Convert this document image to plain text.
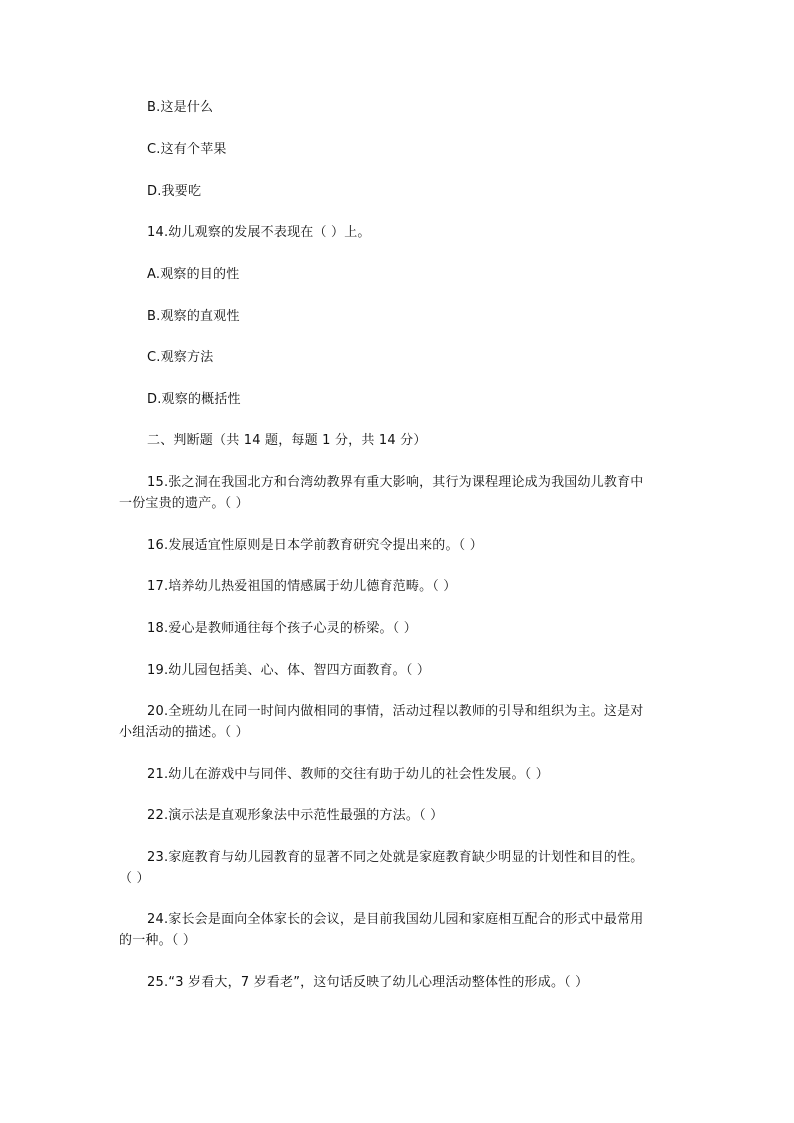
B.这是什么
C.这有个苹果
D.我要吃
14.幼儿观察的发展不表现在（ ）上。
A.观察的目的性
B.观察的直观性
C.观察方法
D.观察的概括性
二、判断题（共 14 题，每题 1 分，共 14 分）
15.张之洞在我国北方和台湾幼教界有重大影响，其行为课程理论成为我国幼儿教育中
一份宝贵的遗产。（ ）
16.发展适宜性原则是日本学前教育研究令提出来的。（ ）
17.培养幼儿热爱祖国的情感属于幼儿德育范畴。（ ）
18.爱心是教师通往每个孩子心灵的桥梁。（ ）
19.幼儿园包括美、心、体、智四方面教育。（ ）
20.全班幼儿在同一时间内做相同的事情，活动过程以教师的引导和组织为主。这是对
小组活动的描述。（ ）
21.幼儿在游戏中与同伴、教师的交往有助于幼儿的社会性发展。（ ）
22.演示法是直观形象法中示范性最强的方法。（ ）
23.家庭教育与幼儿园教育的显著不同之处就是家庭教育缺少明显的计划性和目的性。
（ ）
24.家长会是面向全体家长的会议，是目前我国幼儿园和家庭相互配合的形式中最常用
的一种。（ ）
25.“3 岁看大，7 岁看老”，这句话反映了幼儿心理活动整体性的形成。（ ）
